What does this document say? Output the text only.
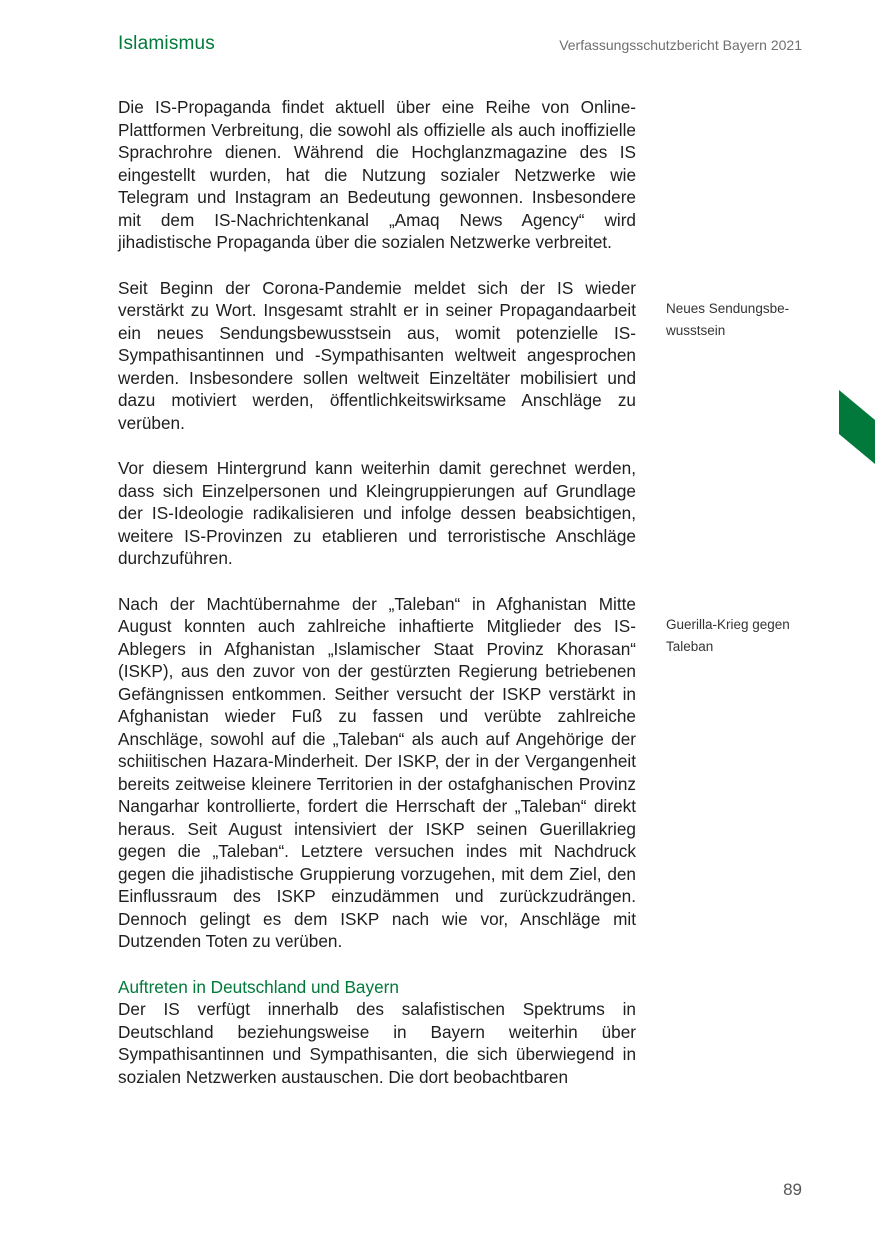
Islamismus	Verfassungsschutzbericht Bayern 2021

Die IS-Propaganda findet aktuell über eine Reihe von Online-Plattformen Verbreitung, die sowohl als offizielle als auch inoffizielle Sprachrohre dienen. Während die Hochglanzmagazine des IS eingestellt wurden, hat die Nutzung sozialer Netzwerke wie Telegram und Instagram an Bedeutung gewonnen. Insbesondere mit dem IS-Nachrichtenkanal „Amaq News Agency“ wird jihadistische Propaganda über die sozialen Netzwerke verbreitet.

Seit Beginn der Corona-Pandemie meldet sich der IS wieder verstärkt zu Wort. Insgesamt strahlt er in seiner Propagandaarbeit ein neues Sendungsbewusstsein aus, womit potenzielle IS-Sympathisantinnen und -Sympathisanten weltweit angesprochen werden. Insbesondere sollen weltweit Einzeltäter mobilisiert und dazu motiviert werden, öffentlichkeitswirksame Anschläge zu verüben.

Vor diesem Hintergrund kann weiterhin damit gerechnet werden, dass sich Einzelpersonen und Kleingruppierungen auf Grundlage der IS-Ideologie radikalisieren und infolge dessen beabsichtigen, weitere IS-Provinzen zu etablieren und terroristische Anschläge durchzuführen.

Nach der Machtübernahme der „Taleban“ in Afghanistan Mitte August konnten auch zahlreiche inhaftierte Mitglieder des IS-Ablegers in Afghanistan „Islamischer Staat Provinz Khorasan“ (ISKP), aus den zuvor von der gestürzten Regierung betriebenen Gefängnissen entkommen. Seither versucht der ISKP verstärkt in Afghanistan wieder Fuß zu fassen und verübte zahlreiche Anschläge, sowohl auf die „Taleban“ als auch auf Angehörige der schiitischen Hazara-Minderheit. Der ISKP, der in der Vergangenheit bereits zeitweise kleinere Territorien in der ostafghanischen Provinz Nangarhar kontrollierte, fordert die Herrschaft der „Taleban“ direkt heraus. Seit August intensiviert der ISKP seinen Guerillakrieg gegen die „Taleban“. Letztere versuchen indes mit Nachdruck gegen die jihadistische Gruppierung vorzugehen, mit dem Ziel, den Einflussraum des ISKP einzudämmen und zurückzudrängen. Dennoch gelingt es dem ISKP nach wie vor, Anschläge mit Dutzenden Toten zu verüben.

Auftreten in Deutschland und Bayern

Der IS verfügt innerhalb des salafistischen Spektrums in Deutschland beziehungsweise in Bayern weiterhin über Sympathisantinnen und Sympathisanten, die sich überwiegend in sozialen Netzwerken austauschen. Die dort beobachtbaren

Neues Sendungsbe-
wusstsein
Guerilla-Krieg gegen
Taleban
89
